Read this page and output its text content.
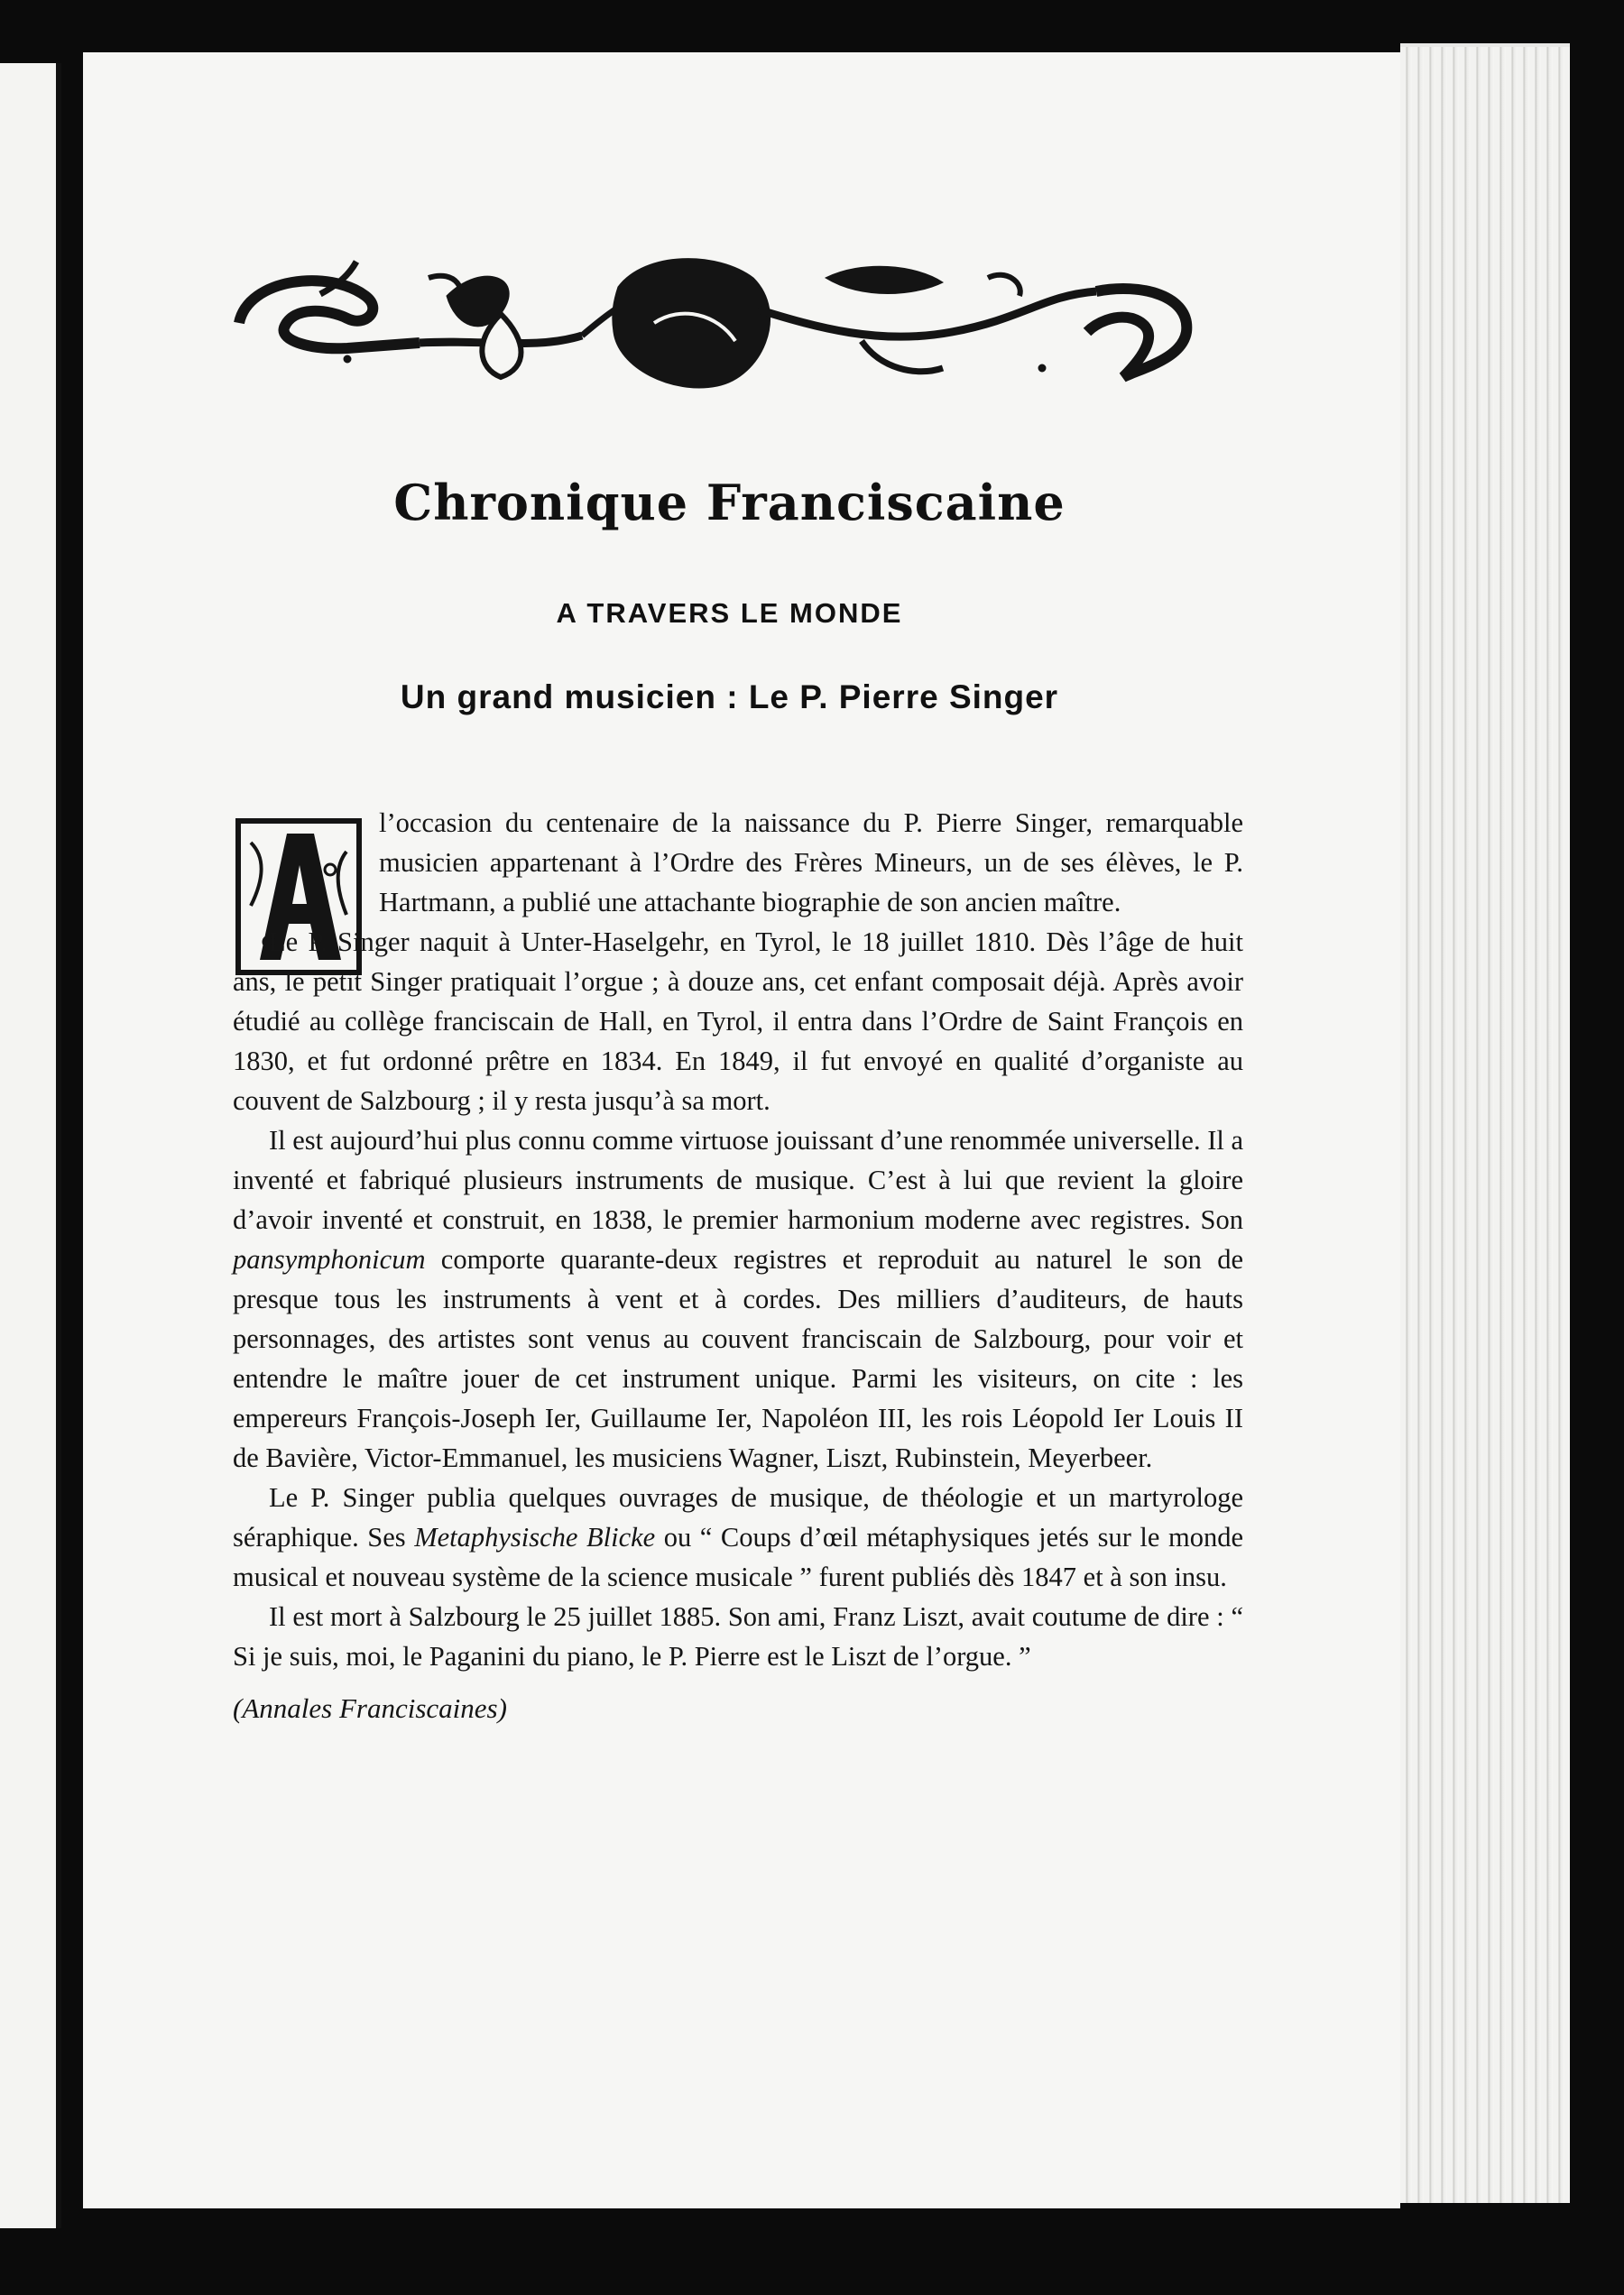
Chronique Franciscaine
A TRAVERS LE MONDE
Un grand musicien : Le P. Pierre Singer
A	l’occasion du centenaire de la naissance du P. Pierre Singer, remarquable musicien appartenant à l’Ordre des Frères Mineurs, un de ses élèves, le P. Hartmann, a publié une attachante biographie de son ancien maître.

Le P. Singer naquit à Unter-Haselgehr, en Tyrol, le 18 juillet 1810. Dès l’âge de huit ans, le petit Singer pratiquait l’orgue ; à douze ans, cet enfant composait déjà. Après avoir étudié au collège franciscain de Hall, en Tyrol, il entra dans l’Ordre de Saint François en 1830, et fut ordonné prêtre en 1834. En 1849, il fut envoyé en qualité d’organiste au couvent de Salzbourg ; il y resta jusqu’à sa mort.

Il est aujourd’hui plus connu comme virtuose jouissant d’une renommée universelle. Il a inventé et fabriqué plusieurs instruments de musique. C’est à lui que revient la gloire d’avoir inventé et construit, en 1838, le premier harmonium moderne avec registres. Son pansymphonicum comporte quarante-deux registres et reproduit au naturel le son de presque tous les instruments à vent et à cordes. Des milliers d’auditeurs, de hauts personnages, des artistes sont venus au couvent franciscain de Salzbourg, pour voir et entendre le maître jouer de cet instrument unique. Parmi les visiteurs, on cite : les empereurs François-Joseph Ier, Guillaume Ier, Napoléon III, les rois Léopold Ier Louis II de Bavière, Victor-Emmanuel, les musiciens Wagner, Liszt, Rubinstein, Meyerbeer.

Le P. Singer publia quelques ouvrages de musique, de théologie et un martyrologe séraphique. Ses Metaphysische Blicke ou “ Coups d’œil métaphysiques jetés sur le monde musical et nouveau système de la science musicale ” furent publiés dès 1847 et à son insu.

Il est mort à Salzbourg le 25 juillet 1885. Son ami, Franz Liszt, avait coutume de dire : “ Si je suis, moi, le Paganini du piano, le P. Pierre est le Liszt de l’orgue. ”

(Annales Franciscaines)
